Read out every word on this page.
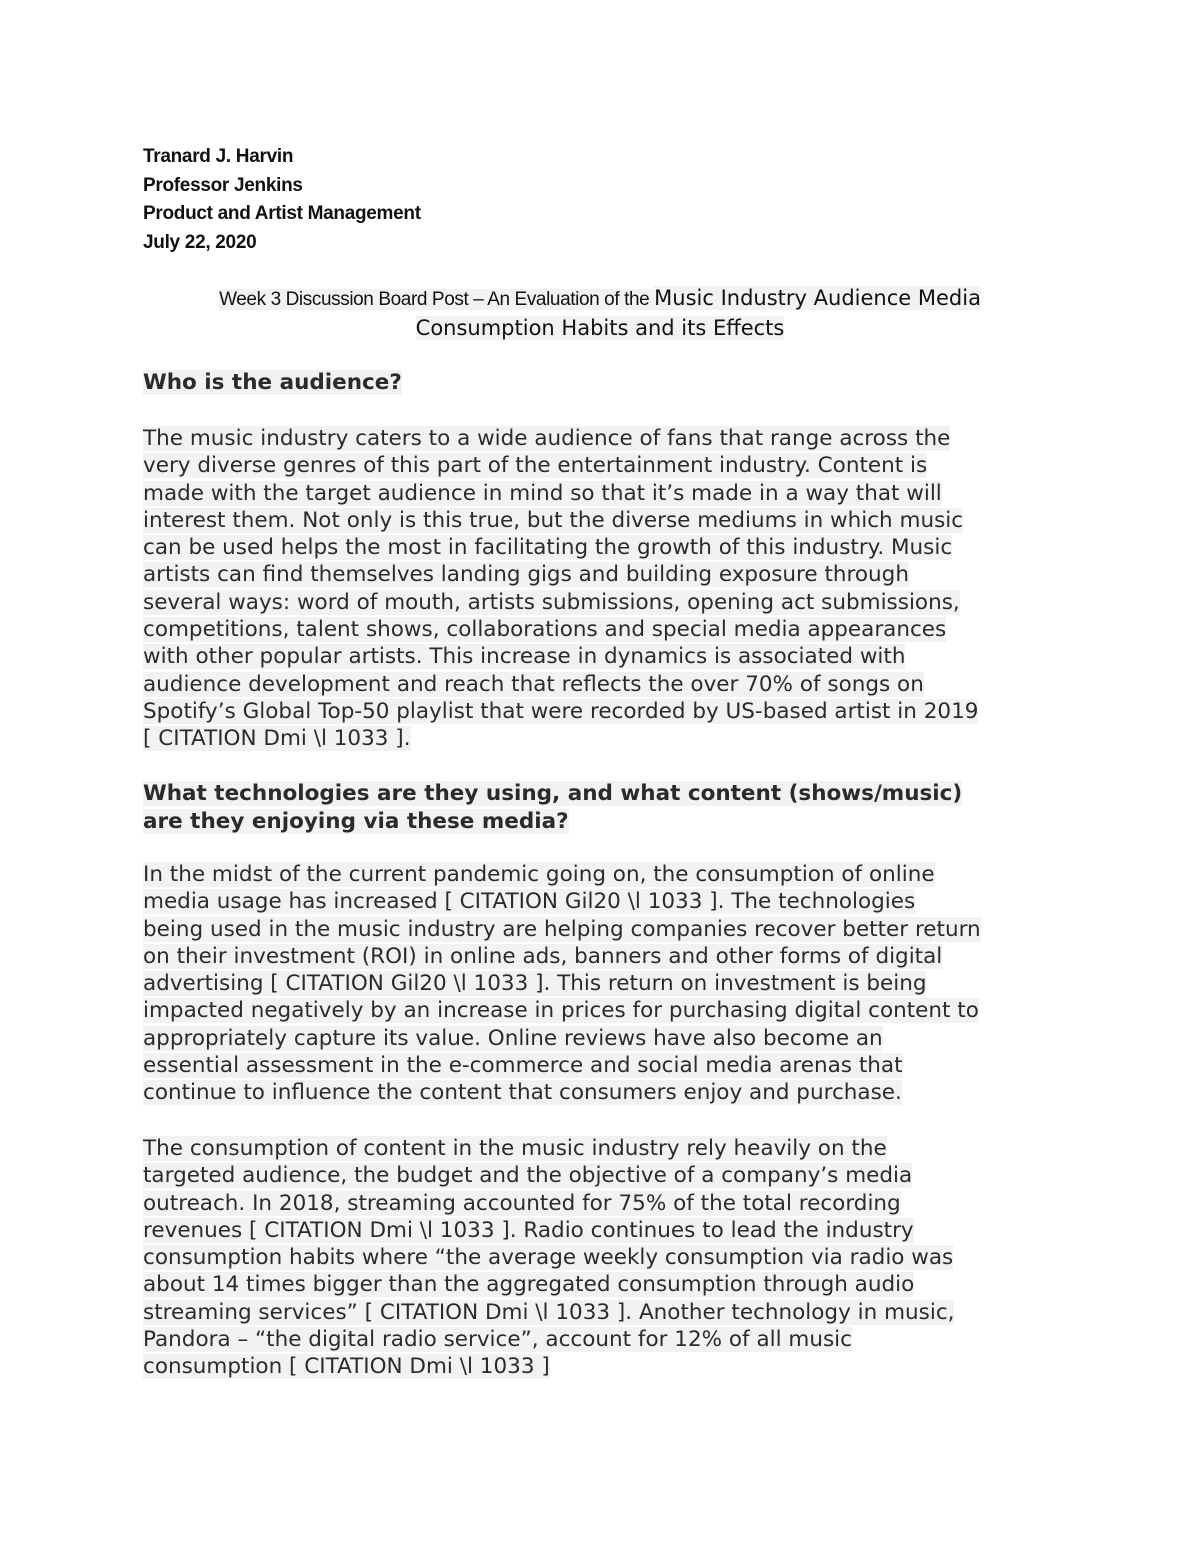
Tranard J. Harvin
Professor Jenkins
Product and Artist Management
July 22, 2020
Week 3 Discussion Board Post – An Evaluation of the Music Industry Audience Media
Consumption Habits and its Effects
Who is the audience?
The music industry caters to a wide audience of fans that range across the
very diverse genres of this part of the entertainment industry. Content is
made with the target audience in mind so that it’s made in a way that will
interest them. Not only is this true, but the diverse mediums in which music
can be used helps the most in facilitating the growth of this industry. Music
artists can find themselves landing gigs and building exposure through
several ways: word of mouth, artists submissions, opening act submissions,
competitions, talent shows, collaborations and special media appearances
with other popular artists. This increase in dynamics is associated with
audience development and reach that reflects the over 70% of songs on
Spotify’s Global Top-50 playlist that were recorded by US-based artist in 2019
[ CITATION Dmi \l 1033 ].
What technologies are they using, and what content (shows/music)
are they enjoying via these media?
In the midst of the current pandemic going on, the consumption of online
media usage has increased [ CITATION Gil20 \l 1033 ]. The technologies
being used in the music industry are helping companies recover better return
on their investment (ROI) in online ads, banners and other forms of digital
advertising [ CITATION Gil20 \l 1033 ]. This return on investment is being
impacted negatively by an increase in prices for purchasing digital content to
appropriately capture its value. Online reviews have also become an
essential assessment in the e-commerce and social media arenas that
continue to influence the content that consumers enjoy and purchase.
The consumption of content in the music industry rely heavily on the
targeted audience, the budget and the objective of a company’s media
outreach. In 2018, streaming accounted for 75% of the total recording
revenues [ CITATION Dmi \l 1033 ]. Radio continues to lead the industry
consumption habits where “the average weekly consumption via radio was
about 14 times bigger than the aggregated consumption through audio
streaming services” [ CITATION Dmi \l 1033 ]. Another technology in music,
Pandora – “the digital radio service”, account for 12% of all music
consumption [ CITATION Dmi \l 1033 ]
